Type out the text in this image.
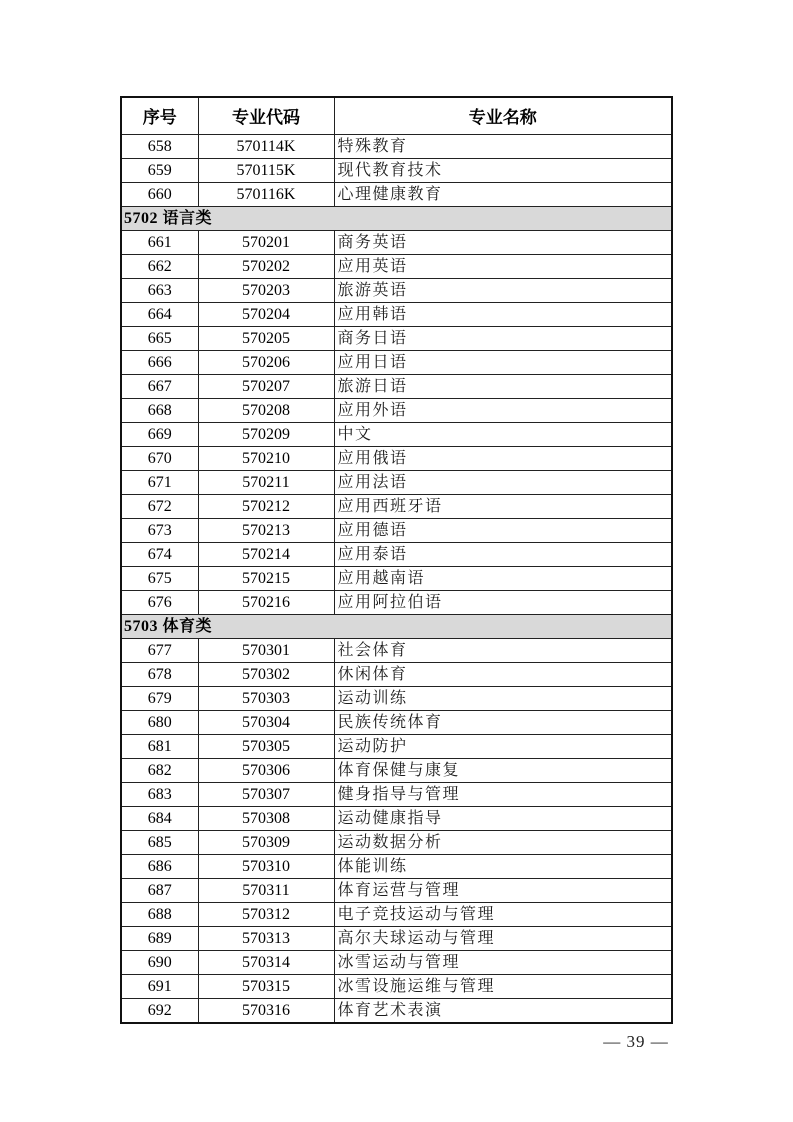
序号	专业代码	专业名称
658	570114K	特殊教育
659	570115K	现代教育技术
660	570116K	心理健康教育
5702 语言类		
661	570201	商务英语
662	570202	应用英语
663	570203	旅游英语
664	570204	应用韩语
665	570205	商务日语
666	570206	应用日语
667	570207	旅游日语
668	570208	应用外语
669	570209	中文
670	570210	应用俄语
671	570211	应用法语
672	570212	应用西班牙语
673	570213	应用德语
674	570214	应用泰语
675	570215	应用越南语
676	570216	应用阿拉伯语
5703 体育类		
677	570301	社会体育
678	570302	休闲体育
679	570303	运动训练
680	570304	民族传统体育
681	570305	运动防护
682	570306	体育保健与康复
683	570307	健身指导与管理
684	570308	运动健康指导
685	570309	运动数据分析
686	570310	体能训练
687	570311	体育运营与管理
688	570312	电子竞技运动与管理
689	570313	高尔夫球运动与管理
690	570314	冰雪运动与管理
691	570315	冰雪设施运维与管理
692	570316	体育艺术表演
— 39 —
